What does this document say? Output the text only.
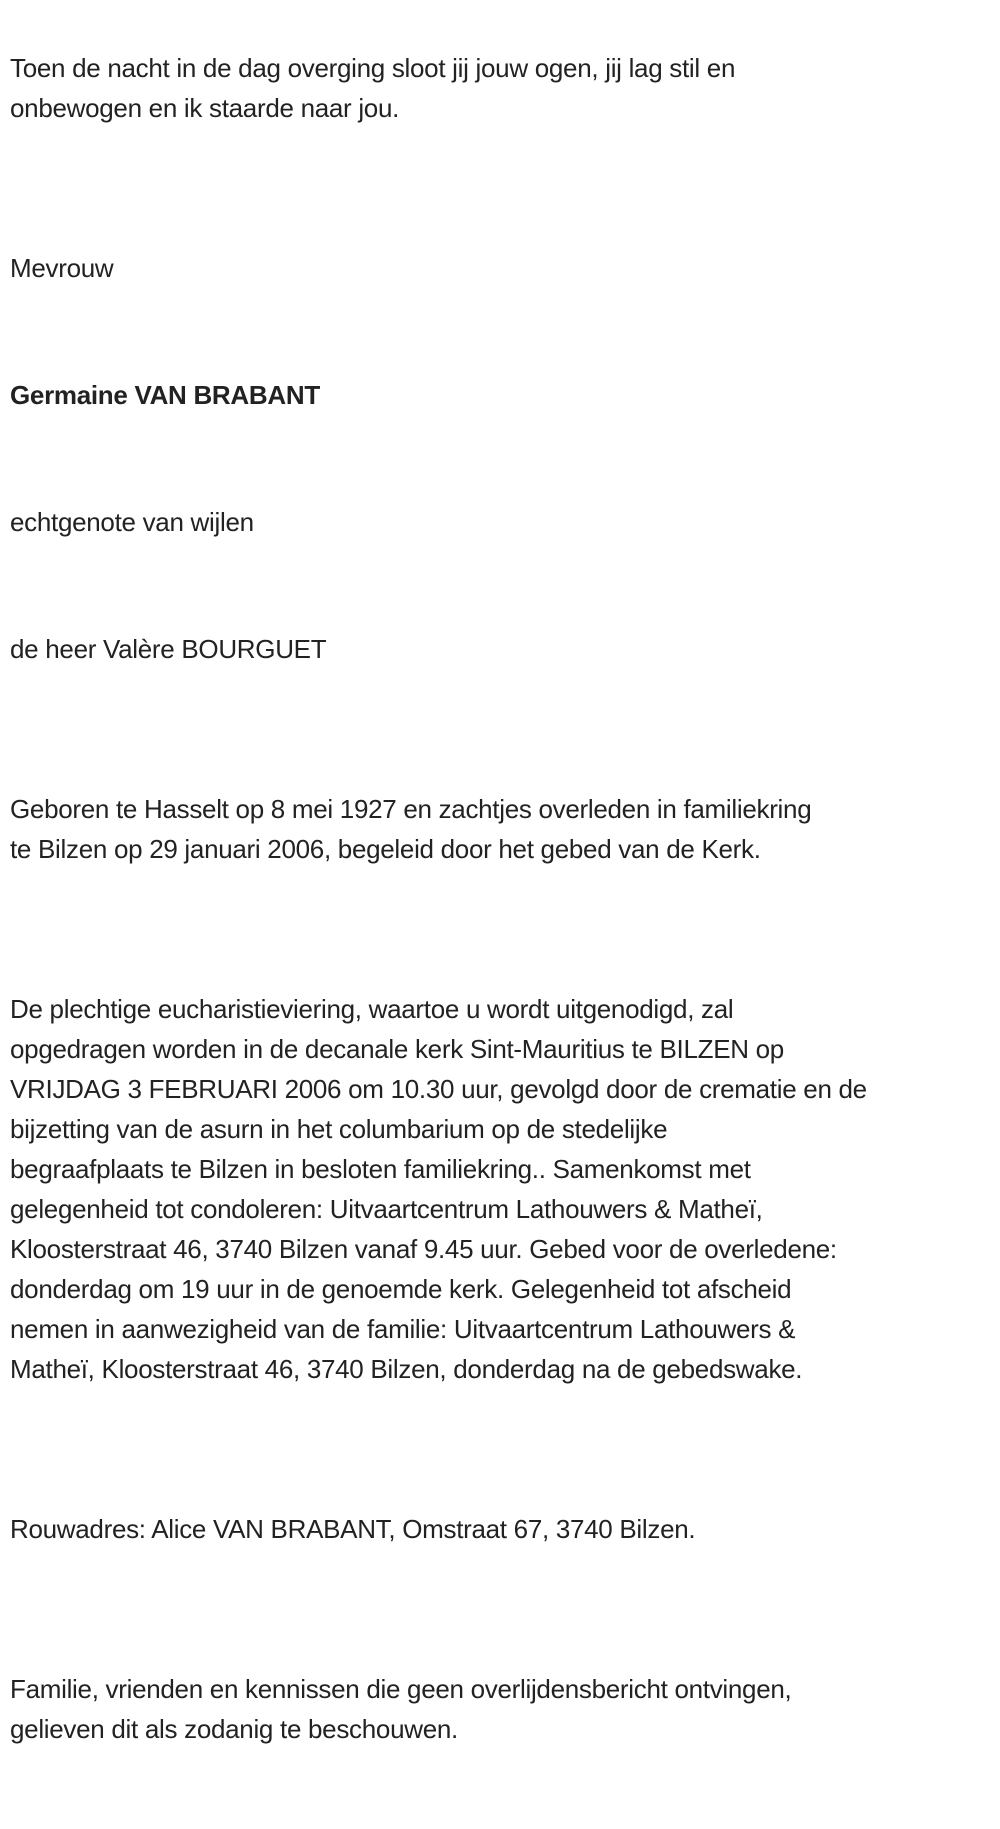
Toen de nacht in de dag overging sloot jij jouw ogen, jij lag stil en
onbewogen en ik staarde naar jou.

Mevrouw

Germaine VAN BRABANT

echtgenote van wijlen

de heer Valère BOURGUET

Geboren te Hasselt op 8 mei 1927 en zachtjes overleden in familiekring
te Bilzen op 29 januari 2006, begeleid door het gebed van de Kerk.

De plechtige eucharistieviering, waartoe u wordt uitgenodigd, zal
opgedragen worden in de decanale kerk Sint-Mauritius te BILZEN op
VRIJDAG 3 FEBRUARI 2006 om 10.30 uur, gevolgd door de crematie en de
bijzetting van de asurn in het columbarium op de stedelijke
begraafplaats te Bilzen in besloten familiekring.. Samenkomst met
gelegenheid tot condoleren: Uitvaartcentrum Lathouwers & Matheï,
Kloosterstraat 46, 3740 Bilzen vanaf 9.45 uur. Gebed voor de overledene:
donderdag om 19 uur in de genoemde kerk. Gelegenheid tot afscheid
nemen in aanwezigheid van de familie: Uitvaartcentrum Lathouwers &
Matheï, Kloosterstraat 46, 3740 Bilzen, donderdag na de gebedswake.

Rouwadres: Alice VAN BRABANT, Omstraat 67, 3740 Bilzen.

Familie, vrienden en kennissen die geen overlijdensbericht ontvingen,
gelieven dit als zodanig te beschouwen.
